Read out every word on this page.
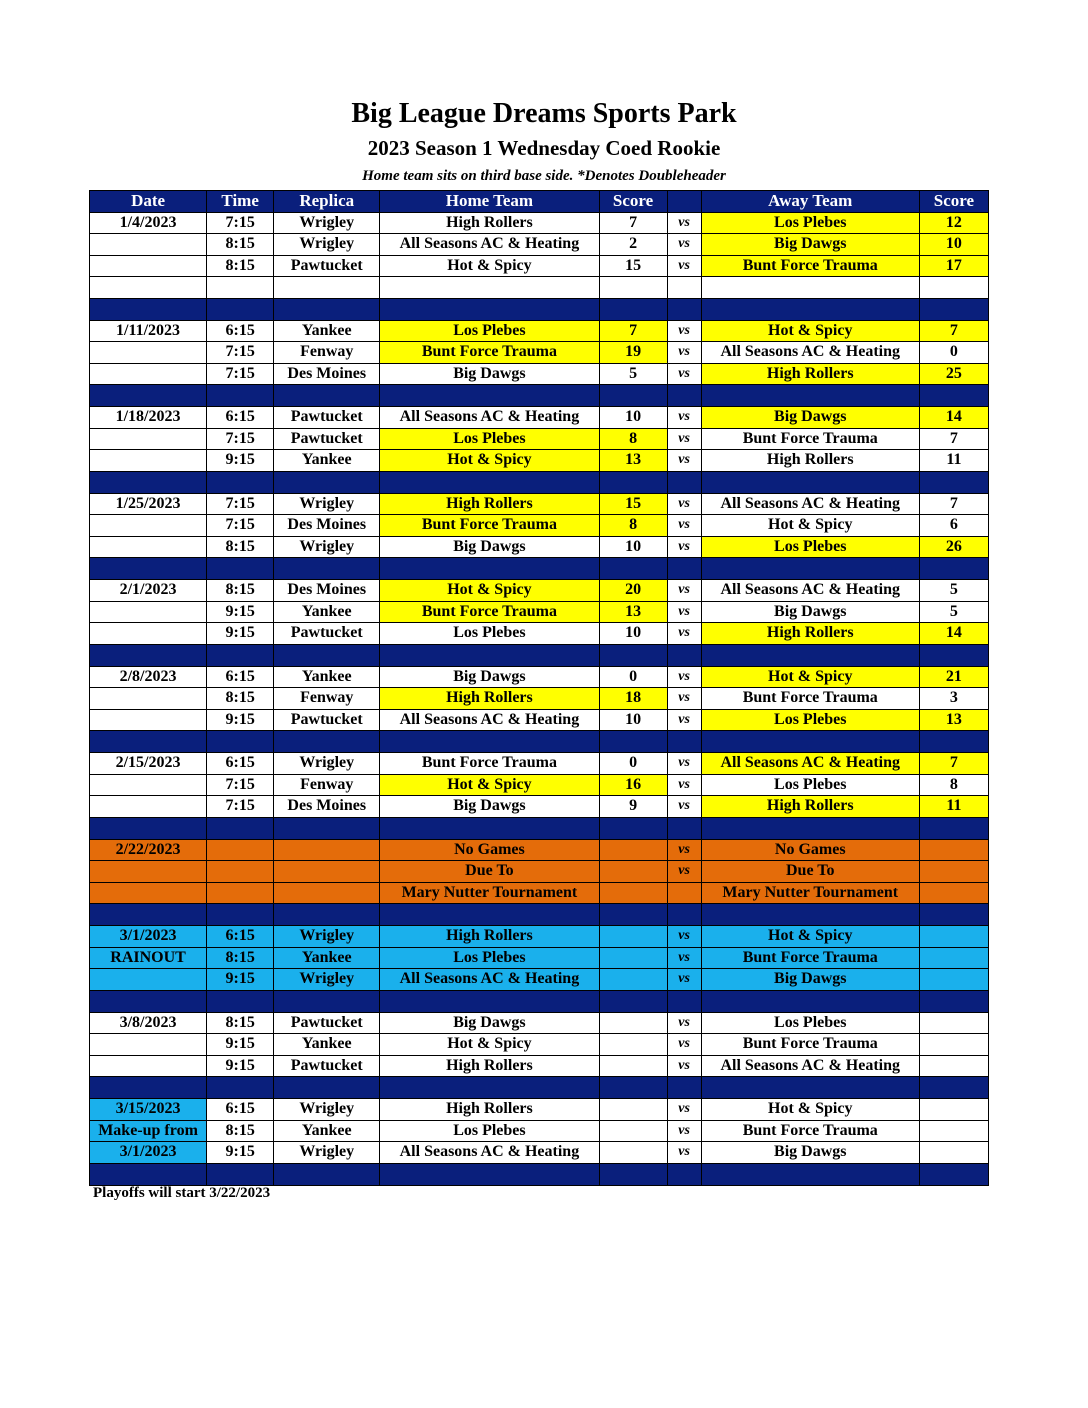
Big League Dreams Sports Park
2023 Season 1 Wednesday Coed Rookie
Home team sits on third base side. *Denotes Doubleheader
Date	Time	Replica	Home Team	Score		Away Team	Score
1/4/2023	7:15	Wrigley	High Rollers	7	vs	Los Plebes	12
	8:15	Wrigley	All Seasons AC & Heating	2	vs	Big Dawgs	10
	8:15	Pawtucket	Hot & Spicy	15	vs	Bunt Force Trauma	17

1/11/2023	6:15	Yankee	Los Plebes	7	vs	Hot & Spicy	7
	7:15	Fenway	Bunt Force Trauma	19	vs	All Seasons AC & Heating	0
	7:15	Des Moines	Big Dawgs	5	vs	High Rollers	25

1/18/2023	6:15	Pawtucket	All Seasons AC & Heating	10	vs	Big Dawgs	14
	7:15	Pawtucket	Los Plebes	8	vs	Bunt Force Trauma	7
	9:15	Yankee	Hot & Spicy	13	vs	High Rollers	11

1/25/2023	7:15	Wrigley	High Rollers	15	vs	All Seasons AC & Heating	7
	7:15	Des Moines	Bunt Force Trauma	8	vs	Hot & Spicy	6
	8:15	Wrigley	Big Dawgs	10	vs	Los Plebes	26

2/1/2023	8:15	Des Moines	Hot & Spicy	20	vs	All Seasons AC & Heating	5
	9:15	Yankee	Bunt Force Trauma	13	vs	Big Dawgs	5
	9:15	Pawtucket	Los Plebes	10	vs	High Rollers	14

2/8/2023	6:15	Yankee	Big Dawgs	0	vs	Hot & Spicy	21
	8:15	Fenway	High Rollers	18	vs	Bunt Force Trauma	3
	9:15	Pawtucket	All Seasons AC & Heating	10	vs	Los Plebes	13

2/15/2023	6:15	Wrigley	Bunt Force Trauma	0	vs	All Seasons AC & Heating	7
	7:15	Fenway	Hot & Spicy	16	vs	Los Plebes	8
	7:15	Des Moines	Big Dawgs	9	vs	High Rollers	11

2/22/2023			No Games		vs	No Games	
			Due To		vs	Due To	
			Mary Nutter Tournament			Mary Nutter Tournament	

3/1/2023	6:15	Wrigley	High Rollers		vs	Hot & Spicy	
RAINOUT	8:15	Yankee	Los Plebes		vs	Bunt Force Trauma	
	9:15	Wrigley	All Seasons AC & Heating		vs	Big Dawgs	

3/8/2023	8:15	Pawtucket	Big Dawgs		vs	Los Plebes	
	9:15	Yankee	Hot & Spicy		vs	Bunt Force Trauma	
	9:15	Pawtucket	High Rollers		vs	All Seasons AC & Heating	

3/15/2023	6:15	Wrigley	High Rollers		vs	Hot & Spicy	
Make-up from	8:15	Yankee	Los Plebes		vs	Bunt Force Trauma	
3/1/2023	9:15	Wrigley	All Seasons AC & Heating		vs	Big Dawgs	

Playoffs will start 3/22/2023
